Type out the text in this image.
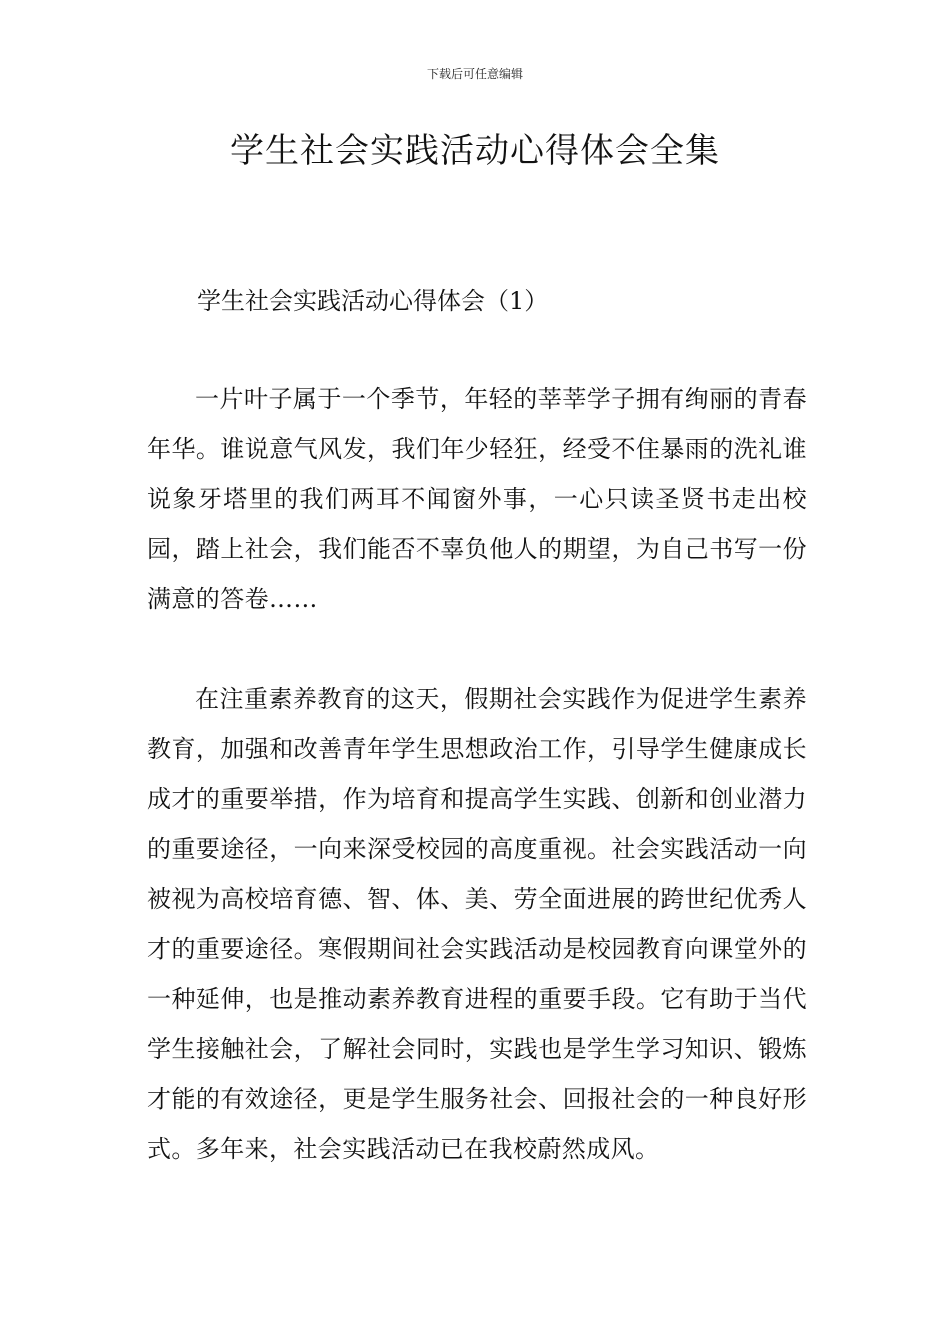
下载后可任意编辑
学生社会实践活动心得体会全集
学生社会实践活动心得体会（1）

一片叶子属于一个季节，年轻的莘莘学子拥有绚丽的青春年华。谁说意气风发，我们年少轻狂，经受不住暴雨的洗礼谁说象牙塔里的我们两耳不闻窗外事，一心只读圣贤书走出校园，踏上社会，我们能否不辜负他人的期望，为自己书写一份满意的答卷……

在注重素养教育的这天，假期社会实践作为促进学生素养教育，加强和改善青年学生思想政治工作，引导学生健康成长成才的重要举措，作为培育和提高学生实践、创新和创业潜力的重要途径，一向来深受校园的高度重视。社会实践活动一向被视为高校培育德、智、体、美、劳全面进展的跨世纪优秀人才的重要途径。寒假期间社会实践活动是校园教育向课堂外的一种延伸，也是推动素养教育进程的重要手段。它有助于当代学生接触社会，了解社会同时，实践也是学生学习知识、锻炼才能的有效途径，更是学生服务社会、回报社会的一种良好形式。多年来，社会实践活动已在我校蔚然成风。
